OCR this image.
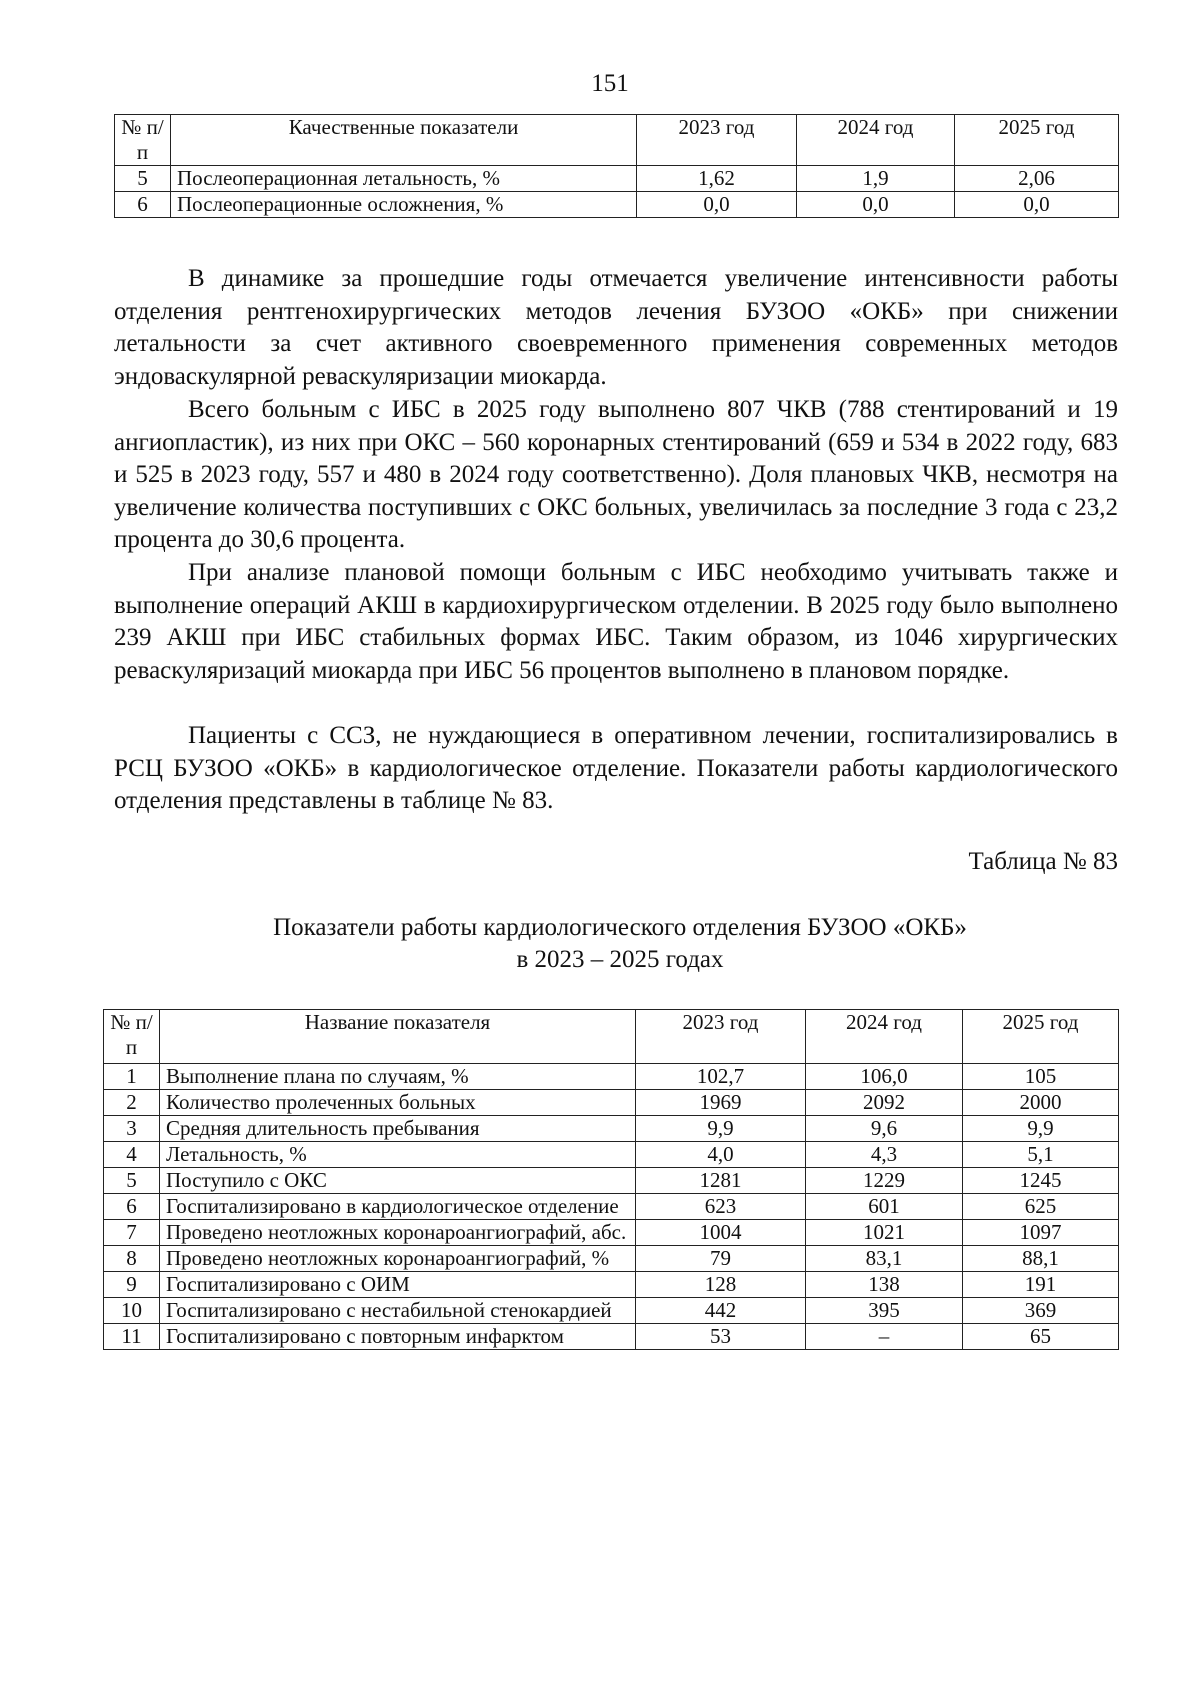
151
№ п/п	Качественные показатели	2023 год	2024 год	2025 год
5	Послеоперационная летальность, %	1,62	1,9	2,06
6	Послеоперационные осложнения, %	0,0	0,0	0,0

В динамике за прошедшие годы отмечается увеличение интенсивности работы отделения рентгенохирургических методов лечения БУЗОО «ОКБ» при снижении летальности за счет активного своевременного применения современных методов эндоваскулярной реваскуляризации миокарда.

Всего больным с ИБС в 2025 году выполнено 807 ЧКВ (788 стентирований и 19 ангиопластик), из них при ОКС – 560 коронарных стентирований (659 и 534 в 2022 году, 683 и 525 в 2023 году, 557 и 480 в 2024 году соответственно). Доля плановых ЧКВ, несмотря на увеличение количества поступивших с ОКС больных, увеличилась за последние 3 года с 23,2 процента до 30,6 процента.

При анализе плановой помощи больным с ИБС необходимо учитывать также и выполнение операций АКШ в кардиохирургическом отделении. В 2025 году было выполнено 239 АКШ при ИБС стабильных формах ИБС. Таким образом, из 1046 хирургических реваскуляризаций миокарда при ИБС 56 процентов выполнено в плановом порядке.

Пациенты с ССЗ, не нуждающиеся в оперативном лечении, госпитализировались в РСЦ БУЗОО «ОКБ» в кардиологическое отделение. Показатели работы кардиологического отделения представлены в таблице № 83.

Таблица № 83
Показатели работы кардиологического отделения БУЗОО «ОКБ»
в 2023 – 2025 годах
№ п/п	Название показателя	2023 год	2024 год	2025 год
1	Выполнение плана по случаям, %	102,7	106,0	105
2	Количество пролеченных больных	1969	2092	2000
3	Средняя длительность пребывания	9,9	9,6	9,9
4	Летальность, %	4,0	4,3	5,1
5	Поступило с ОКС	1281	1229	1245
6	Госпитализировано в кардиологическое отделение	623	601	625
7	Проведено неотложных коронароангиографий, абс.	1004	1021	1097
8	Проведено неотложных коронароангиографий, %	79	83,1	88,1
9	Госпитализировано с ОИМ	128	138	191
10	Госпитализировано с нестабильной стенокардией	442	395	369
11	Госпитализировано с повторным инфарктом	53	–	65
